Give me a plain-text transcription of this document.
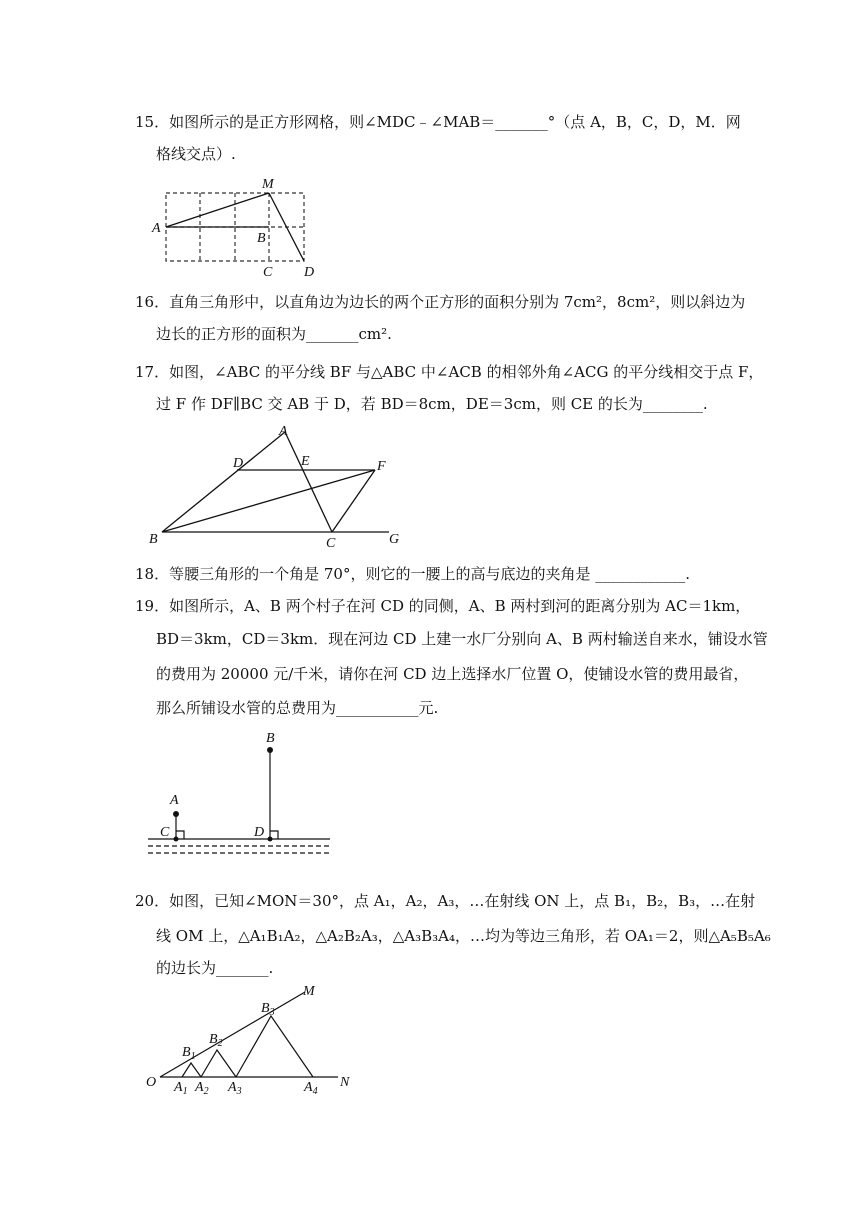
15．如图所示的是正方形网格，则∠MDC﹣∠MAB＝_______°（点 A，B，C，D，M．网
格线交点）.
A
M
B
C D
16．直角三角形中，以直角边为边长的两个正方形的面积分别为 7cm²，8cm²，则以斜边为
边长的正方形的面积为_______cm².
17．如图，∠ABC 的平分线 BF 与△ABC 中∠ACB 的相邻外角∠ACG 的平分线相交于点 F，
过 F 作 DF∥BC 交 AB 于 D，若 BD＝8cm，DE＝3cm，则 CE 的长为________.
A
D	E	F
B	C	G
18．等腰三角形的一个角是 70°，则它的一腰上的高与底边的夹角是 ____________.
19．如图所示，A、B 两个村子在河 CD 的同侧，A、B 两村到河的距离分别为 AC＝1km，
BD＝3km，CD＝3km．现在河边 CD 上建一水厂分别向 A、B 两村输送自来水，铺设水管
的费用为 20000 元/千米，请你在河 CD 边上选择水厂位置 O，使铺设水管的费用最省，
那么所铺设水管的总费用为___________元.
A
C
B
D
20．如图，已知∠MON＝30°，点 A₁，A₂，A₃，…在射线 ON 上，点 B₁，B₂，B₃，…在射
线 OM 上，△A₁B₁A₂，△A₂B₂A₃，△A₃B₃A₄，…均为等边三角形，若 OA₁＝2，则△A₅B₅A₆
的边长为_______.
O	N
M
$A_1$ $A_2$ $A_3$	$A_4$
$B_1$
$B_2$
$B_3$
